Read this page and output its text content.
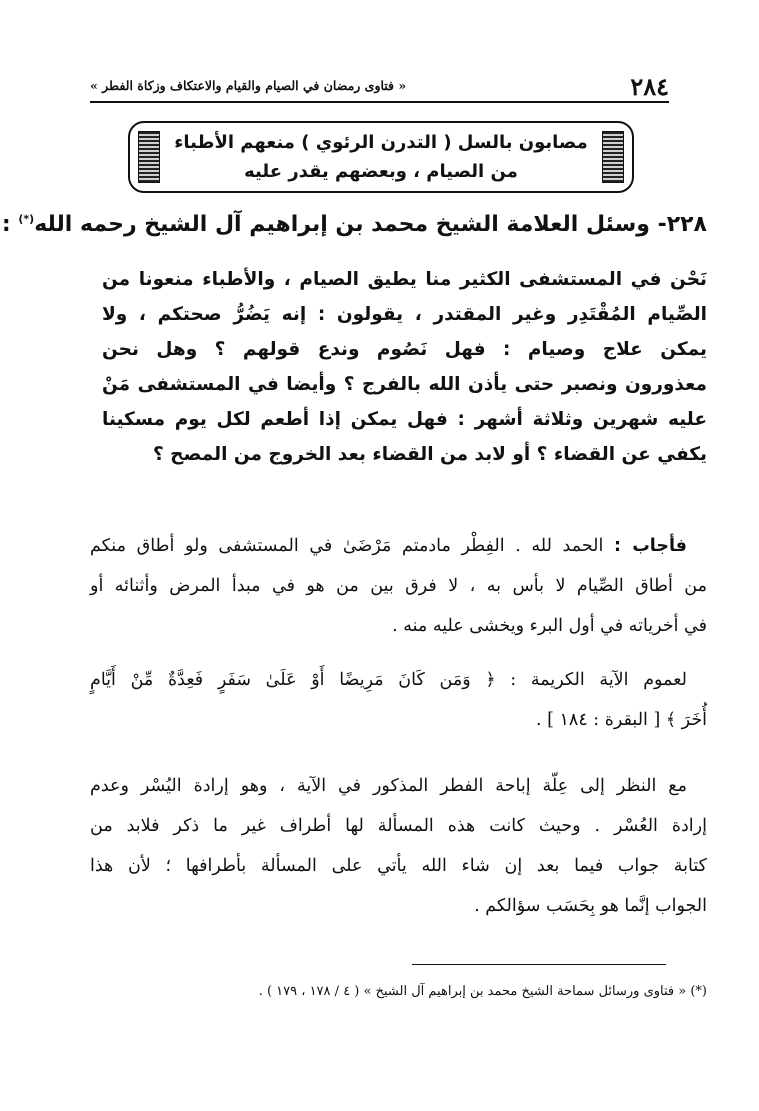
٢٨٤
« فتاوى رمضان في الصيام والقيام والاعتكاف وزكاة الفطر »
مصابون بالسل ( التدرن الرئوي ) منعهم الأطباء
من الصيام ، وبعضهم يقدر عليه
٢٢٨- وسئل العلامة الشيخ محمد بن إبراهيم آل الشيخ رحمه الله(*) :
نَحْن في المستشفى الكثير منا يطيق الصيام ، والأطباء منعونا من
الصِّيام المُقْتَدِر وغير المقتدر ، يقولون : إنه يَضُرُّ صحتكم ، ولا
يمكن علاج وصيام : فهل نَصُوم وندع قولهم ؟ وهل نحن
معذورون ونصبر حتى يأذن الله بالفرج ؟ وأيضا في المستشفى مَنْ
عليه شهرين وثلاثة أشهر : فهل يمكن إذا أطعم لكل يوم مسكينا
يكفي عن القضاء ؟ أو لابد من القضاء بعد الخروج من المصح ؟
فأجاب : الحمد لله . الفِطْر مادمتم مَرْضَىٰ في المستشفى ولو أطاق منكم
من أطاق الصِّيام لا بأس به ، لا فرق بين من هو في مبدأ المرض وأثنائه أو
في أخرياته في أول البرء ويخشى عليه منه .
لعموم الآية الكريمة : ﴿ وَمَن كَانَ مَرِيضًا أَوْ عَلَىٰ سَفَرٍ فَعِدَّةٌ مِّنْ أَيَّامٍ
أُخَرَ ﴾ [ البقرة : ١٨٤ ] .
مع النظر إلى عِلّة إباحة الفطر المذكور في الآية ، وهو إرادة اليُسْر وعدم
إرادة العُسْر . وحيث كانت هذه المسألة لها أطراف غير ما ذكر فلابد من
كتابة جواب فيما بعد إن شاء الله يأتي على المسألة بأطرافها ؛ لأن هذا
الجواب إنَّما هو بِحَسَب سؤالكم .
(*) « فتاوى ورسائل سماحة الشيخ محمد بن إبراهيم آل الشيخ » ( ٤ / ١٧٨ ، ١٧٩ ) .
